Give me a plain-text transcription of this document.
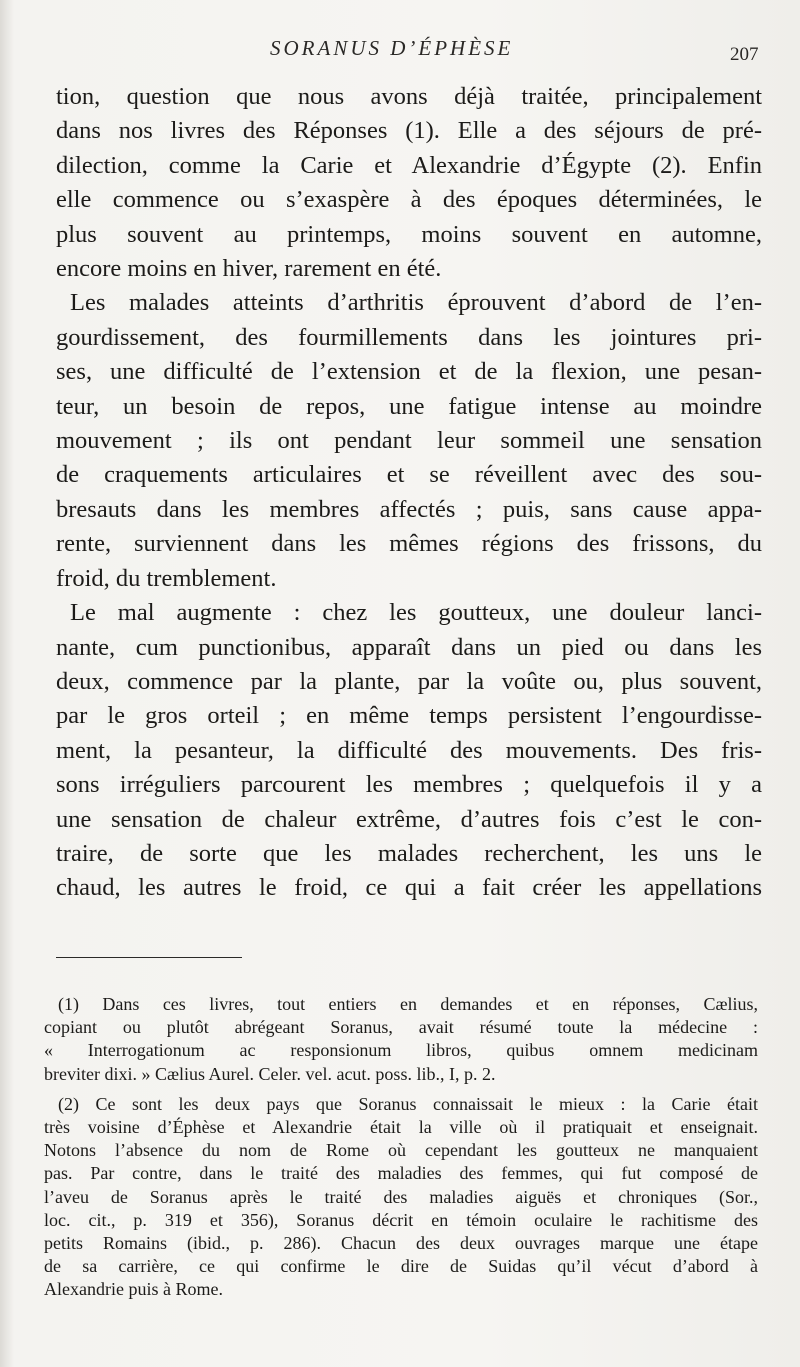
SORANUS D’ÉPHÈSE	207
tion, question que nous avons déjà traitée, principalement
dans nos livres des Réponses (1). Elle a des séjours de pré-
dilection, comme la Carie et Alexandrie d’Égypte (2). Enfin
elle commence ou s’exaspère à des époques déterminées, le
plus souvent au printemps, moins souvent en automne,
encore moins en hiver, rarement en été.
Les malades atteints d’arthritis éprouvent d’abord de l’en-
gourdissement, des fourmillements dans les jointures pri-
ses, une difficulté de l’extension et de la flexion, une pesan-
teur, un besoin de repos, une fatigue intense au moindre
mouvement ; ils ont pendant leur sommeil une sensation
de craquements articulaires et se réveillent avec des sou-
bresauts dans les membres affectés ; puis, sans cause appa-
rente, surviennent dans les mêmes régions des frissons, du
froid, du tremblement.
Le mal augmente : chez les goutteux, une douleur lanci-
nante, cum punctionibus, apparaît dans un pied ou dans les
deux, commence par la plante, par la voûte ou, plus souvent,
par le gros orteil ; en même temps persistent l’engourdisse-
ment, la pesanteur, la difficulté des mouvements. Des fris-
sons irréguliers parcourent les membres ; quelquefois il y a
une sensation de chaleur extrême, d’autres fois c’est le con-
traire, de sorte que les malades recherchent, les uns le
chaud, les autres le froid, ce qui a fait créer les appellations
(1) Dans ces livres, tout entiers en demandes et en réponses, Cælius,
copiant ou plutôt abrégeant Soranus, avait résumé toute la médecine :
« Interrogationum ac responsionum libros, quibus omnem medicinam
breviter dixi. » Cælius Aurel. Celer. vel. acut. poss. lib., I, p. 2.
(2) Ce sont les deux pays que Soranus connaissait le mieux : la Carie était
très voisine d’Éphèse et Alexandrie était la ville où il pratiquait et enseignait.
Notons l’absence du nom de Rome où cependant les goutteux ne manquaient
pas. Par contre, dans le traité des maladies des femmes, qui fut composé de
l’aveu de Soranus après le traité des maladies aiguës et chroniques (Sor.,
loc. cit., p. 319 et 356), Soranus décrit en témoin oculaire le rachitisme des
petits Romains (ibid., p. 286). Chacun des deux ouvrages marque une étape
de sa carrière, ce qui confirme le dire de Suidas qu’il vécut d’abord à
Alexandrie puis à Rome.
